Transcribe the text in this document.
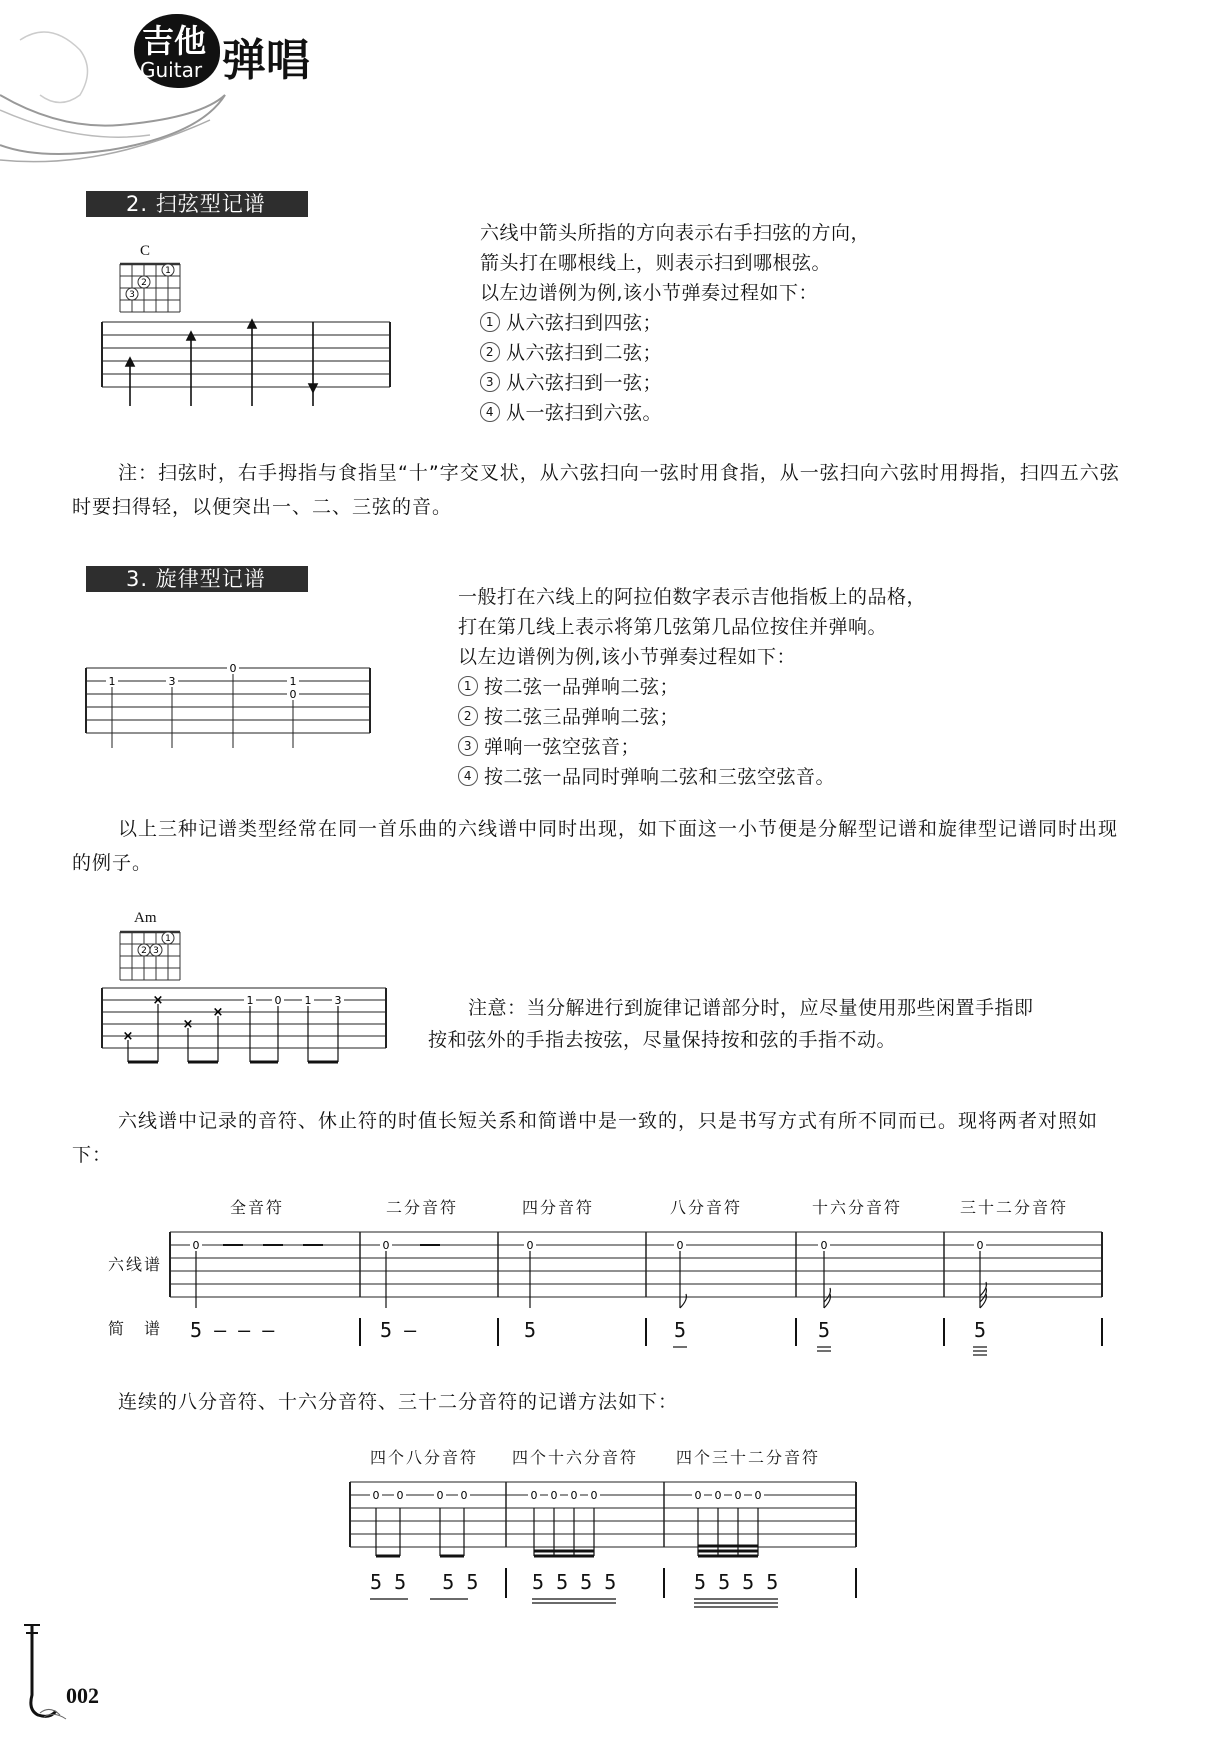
吉他
Guitar 弹唱
2. 扫弦型记谱
C
1
2
3
六线中箭头所指的方向表示右手扫弦的方向，
箭头打在哪根线上，则表示扫到哪根弦。
以左边谱例为例,该小节弹奏过程如下：
1 从六弦扫到四弦；
2 从六弦扫到二弦；
3 从六弦扫到一弦；
4 从一弦扫到六弦。
注：扫弦时，右手拇指与食指呈“十”字交叉状，从六弦扫向一弦时用食指，从一弦扫向六弦时用拇指，扫四五六弦时要扫得轻，以便突出一、二、三弦的音。
3. 旋律型记谱
1	3
0
1
0
一般打在六线上的阿拉伯数字表示吉他指板上的品格，
打在第几线上表示将第几弦第几品位按住并弹响。
以左边谱例为例,该小节弹奏过程如下：
1 按二弦一品弹响二弦；
2 按二弦三品弹响二弦；
3 弹响一弦空弦音；
4 按二弦一品同时弹响二弦和三弦空弦音。
以上三种记谱类型经常在同一首乐曲的六线谱中同时出现，如下面这一小节便是分解型记谱和旋律型记谱同时出现的例子。
Am
1
2 3
×
×
×
×
1 0 1 3	注意：当分解进行到旋律记谱部分时，应尽量使用那些闲置手指即
按和弦外的手指去按弦，尽量保持按和弦的手指不动。
六线谱中记录的音符、休止符的时值长短关系和简谱中是一致的，只是书写方式有所不同而已。现将两者对照如下：
全音符	二分音符	四分音符	八分音符	十六分音符	三十二分音符
六线谱
简　谱
0	0	0	0	0	0
5 — — —	5 —	5	5	5	5
连续的八分音符、十六分音符、三十二分音符的记谱方法如下：
四个八分音符 四个十六分音符 四个三十二分音符
0 0	0 0	0 0 0 0	0 0 0 0
5 5   5 5	5 5 5 5	5 5 5 5
002
